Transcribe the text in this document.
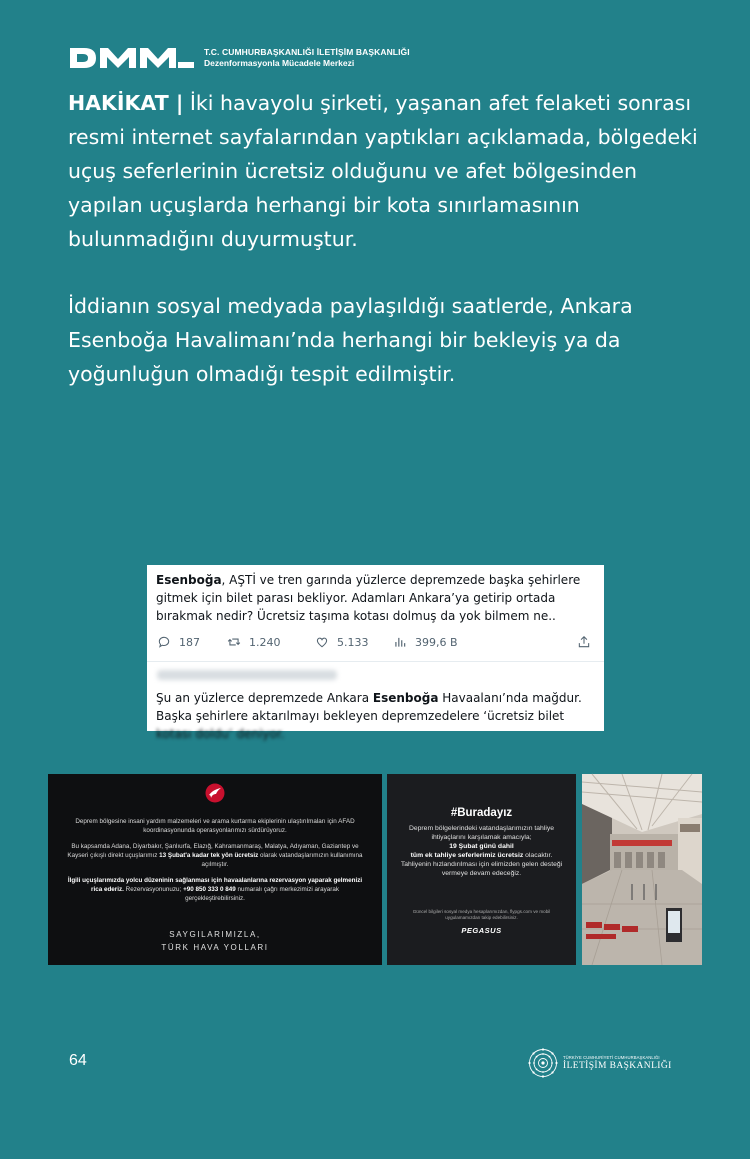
T.C. CUMHURBAŞKANLIĞI İLETİŞİM BAŞKANLIĞI
Dezenformasyonla Mücadele Merkezi

HAKİKAT | İki havayolu şirketi, yaşanan afet felaketi sonrası resmi internet sayfalarından yaptıkları açıklamada, bölgedeki uçuş seferlerinin ücretsiz olduğunu ve afet bölgesinden yapılan uçuşlarda herhangi bir kota sınırlamasının bulunmadığını duyurmuştur.

İddianın sosyal medyada paylaşıldığı saatlerde, Ankara Esenboğa Havalimanı’nda herhangi bir bekleyiş ya da yoğunluğun olmadığı tespit edilmiştir.

Esenboğa, AŞTİ ve tren garında yüzlerce depremzede başka şehirlere gitmek için bilet parası bekliyor. Adamları Ankara’ya getirip ortada bırakmak nedir? Ücretsiz taşıma kotası dolmuş da yok bilmem ne..
187	1.240	5.133	399,6 B
Şu an yüzlerce depremzede Ankara Esenboğa Havaalanı’nda mağdur. Başka şehirlere aktarılmayı bekleyen depremzedelere ‘ücretsiz bilet
kotası doldu’ deniyor.
Deprem bölgesine insani yardım malzemeleri ve arama kurtarma ekiplerinin ulaştırılmaları için AFAD koordinasyonunda operasyonlarımızı sürdürüyoruz.
Bu kapsamda Adana, Diyarbakır, Şanlıurfa, Elazığ, Kahramanmaraş, Malatya, Adıyaman, Gaziantep ve Kayseri çıkışlı direkt uçuşlarımız 13 Şubat'a kadar tek yön ücretsiz olarak vatandaşlarımızın kullanımına açılmıştır.
İlgili uçuşlarımızda yolcu düzeninin sağlanması için havaalanlarına rezervasyon yaparak gelmenizi rica ederiz. Rezervasyonunuzu; +90 850 333 0 849 numaralı çağrı merkezimizi arayarak gerçekleştirebilirsiniz.
SAYGILARIMIZLA,
TÜRK HAVA YOLLARI
#Buradayız
Deprem bölgelerindeki vatandaşlarımızın tahliye ihtiyaçlarını karşılamak amacıyla;
19 Şubat günü dahil
tüm ek tahliye seferlerimiz ücretsiz olacaktır. Tahliyenin hızlandırılması için elimizden gelen desteği vermeye devam edeceğiz.
Güncel bilgileri sosyal medya hesaplarımızdan, flypgs.com ve mobil uygulamamızdan takip edebilirsiniz.
PEGASUS
64	TÜRKİYE CUMHURİYETİ CUMHURBAŞKANLIĞI
İLETİŞİM BAŞKANLIĞI
